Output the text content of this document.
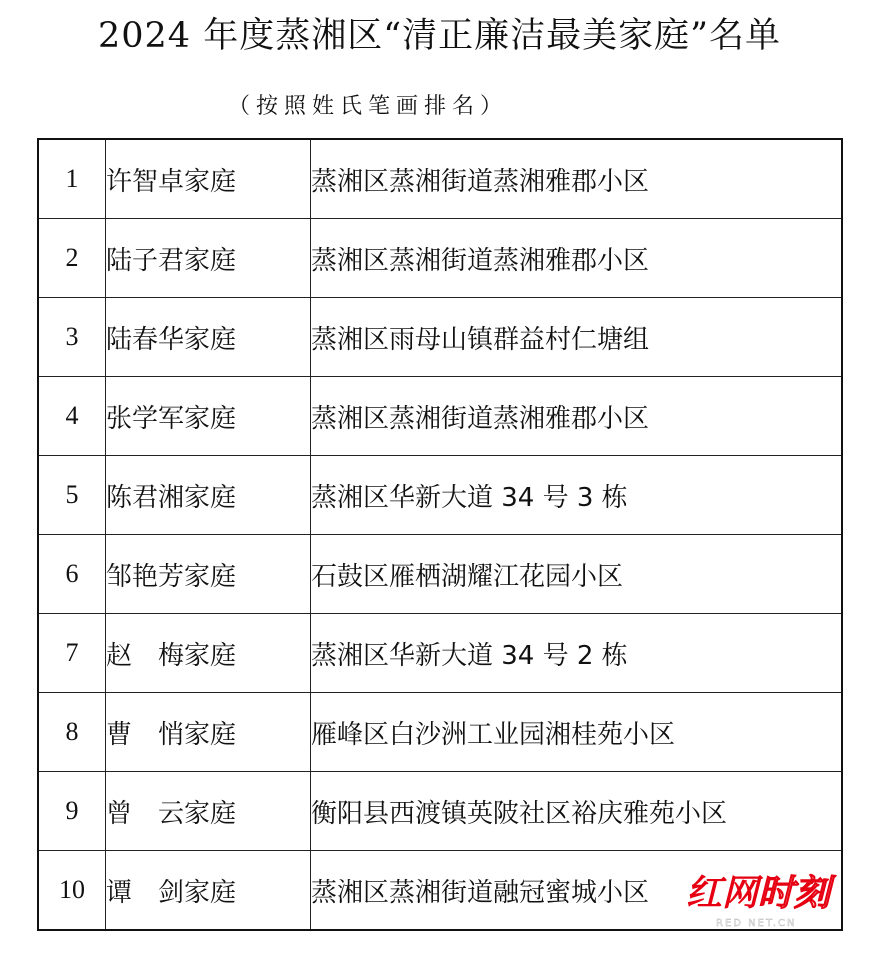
2024 年度蒸湘区“清正廉洁最美家庭”名单
（按照姓氏笔画排名）
1	许智卓家庭	蒸湘区蒸湘街道蒸湘雅郡小区
2	陆子君家庭	蒸湘区蒸湘街道蒸湘雅郡小区
3	陆春华家庭	蒸湘区雨母山镇群益村仁塘组
4	张学军家庭	蒸湘区蒸湘街道蒸湘雅郡小区
5	陈君湘家庭	蒸湘区华新大道 34 号 3 栋
6	邹艳芳家庭	石鼓区雁栖湖耀江花园小区
7	赵　梅家庭	蒸湘区华新大道 34 号 2 栋
8	曹　悄家庭	雁峰区白沙洲工业园湘桂苑小区
9	曾　云家庭	衡阳县西渡镇英陂社区裕庆雅苑小区
10	谭　剑家庭	蒸湘区蒸湘街道融冠蜜城小区 红网时刻
RED NET.CN
